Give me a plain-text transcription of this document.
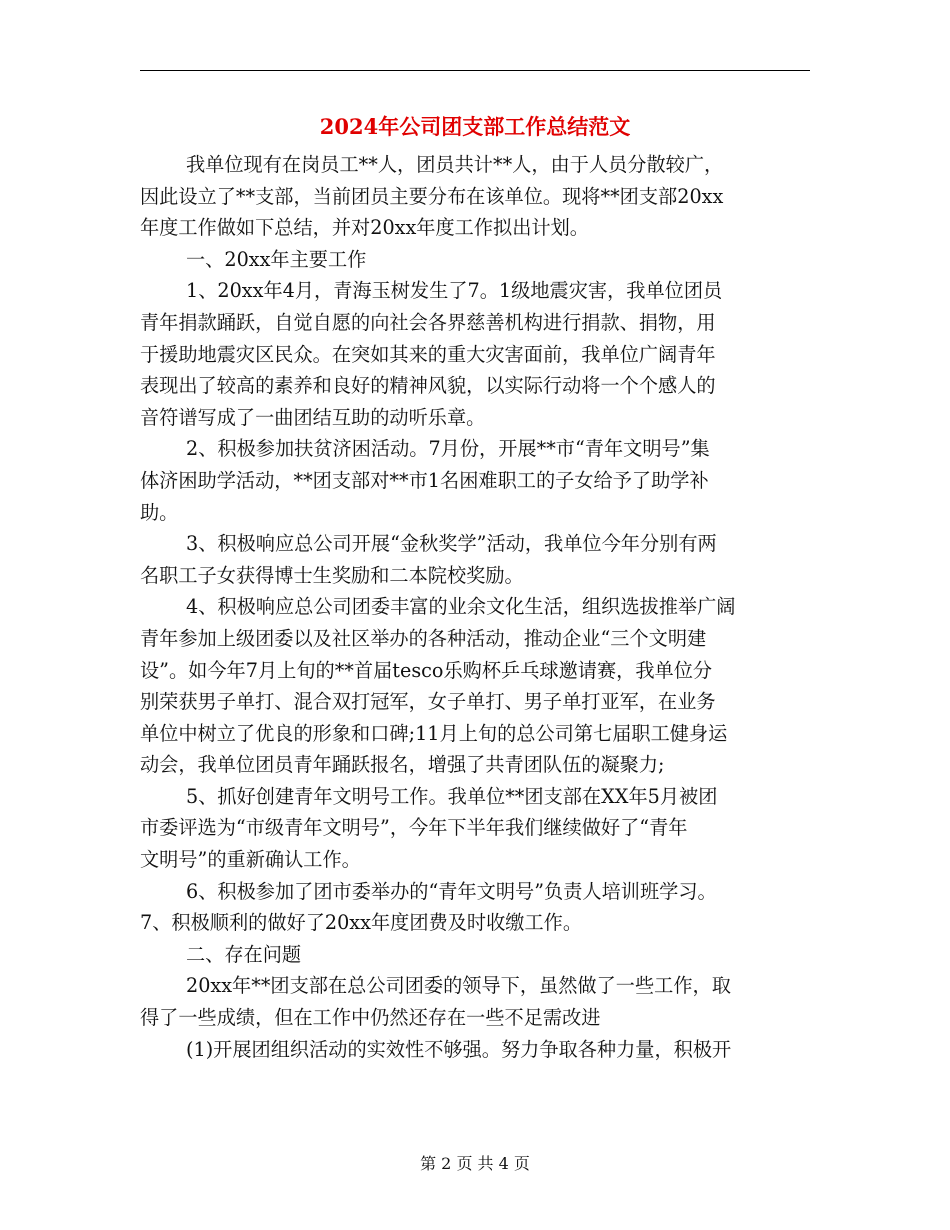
2024年公司团支部工作总结范文
我单位现有在岗员工**人，团员共计**人，由于人员分散较广，
因此设立了**支部，当前团员主要分布在该单位。现将**团支部20xx
年度工作做如下总结，并对20xx年度工作拟出计划。
一、20xx年主要工作
1、20xx年4月，青海玉树发生了7。1级地震灾害，我单位团员
青年捐款踊跃，自觉自愿的向社会各界慈善机构进行捐款、捐物，用
于援助地震灾区民众。在突如其来的重大灾害面前，我单位广阔青年
表现出了较高的素养和良好的精神风貌，以实际行动将一个个感人的
音符谱写成了一曲团结互助的动听乐章。
2、积极参加扶贫济困活动。7月份，开展**市“青年文明号”集
体济困助学活动，**团支部对**市1名困难职工的子女给予了助学补
助。
3、积极响应总公司开展“金秋奖学”活动，我单位今年分别有两
名职工子女获得博士生奖励和二本院校奖励。
4、积极响应总公司团委丰富的业余文化生活，组织选拔推举广阔
青年参加上级团委以及社区举办的各种活动，推动企业“三个文明建
设”。如今年7月上旬的**首届tesco乐购杯乒乓球邀请赛，我单位分
别荣获男子单打、混合双打冠军，女子单打、男子单打亚军，在业务
单位中树立了优良的形象和口碑;11月上旬的总公司第七届职工健身运
动会，我单位团员青年踊跃报名，增强了共青团队伍的凝聚力;
5、抓好创建青年文明号工作。我单位**团支部在XX年5月被团
市委评选为“市级青年文明号”，今年下半年我们继续做好了“青年
文明号”的重新确认工作。
6、积极参加了团市委举办的“青年文明号”负责人培训班学习。
7、积极顺利的做好了20xx年度团费及时收缴工作。
二、存在问题
20xx年**团支部在总公司团委的领导下，虽然做了一些工作，取
得了一些成绩，但在工作中仍然还存在一些不足需改进
(1)开展团组织活动的实效性不够强。努力争取各种力量，积极开
第 2 页 共 4 页
